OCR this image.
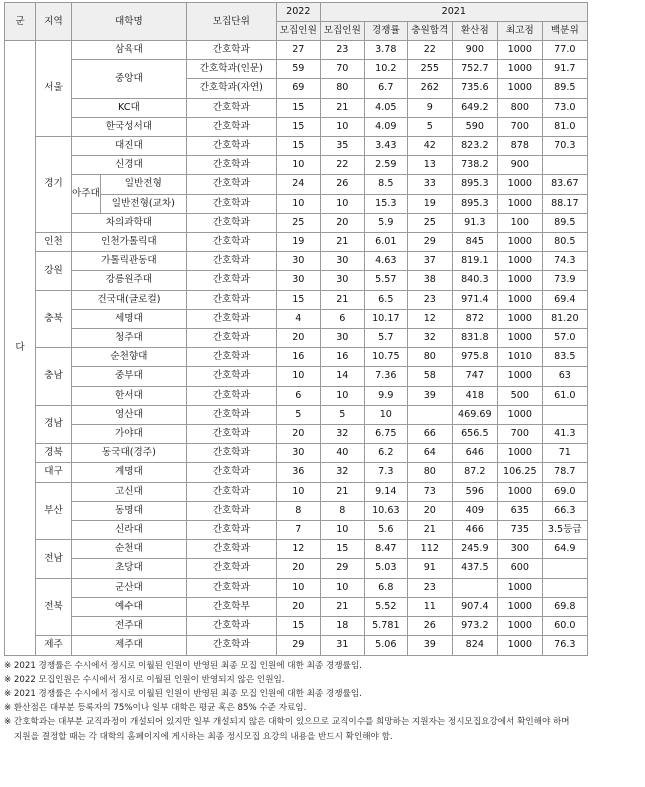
군	지역	대학명		모집단위	2022	2021					
					모집인원	모집인원	경쟁률	충원합격	환산점	최고점	백분위
다	서울	삼육대		간호학과	27	23	3.78	22	900	1000	77.0
		중앙대		간호학과(인문)	59	70	10.2	255	752.7	1000	91.7
				간호학과(자연)	69	80	6.7	262	735.6	1000	89.5
		KC대		간호학과	15	21	4.05	9	649.2	800	73.0
		한국성서대		간호학과	15	10	4.09	5	590	700	81.0
	경기	대진대		간호학과	15	35	3.43	42	823.2	878	70.3
		신경대		간호학과	10	22	2.59	13	738.2	900	
		아주대	일반전형	간호학과	24	26	8.5	33	895.3	1000	83.67
			일반전형(교차)	간호학과	10	10	15.3	19	895.3	1000	88.17
		차의과학대		간호학과	25	20	5.9	25	91.3	100	89.5
	인천	인천가톨릭대		간호학과	19	21	6.01	29	845	1000	80.5
	강원	가톨릭관동대		간호학과	30	30	4.63	37	819.1	1000	74.3
		강릉원주대		간호학과	30	30	5.57	38	840.3	1000	73.9
	충북	건국대(글로컬)		간호학과	15	21	6.5	23	971.4	1000	69.4
		세명대		간호학과	4	6	10.17	12	872	1000	81.20
		청주대		간호학과	20	30	5.7	32	831.8	1000	57.0
	충남	순천향대		간호학과	16	16	10.75	80	975.8	1010	83.5
		중부대		간호학과	10	14	7.36	58	747	1000	63
		한서대		간호학과	6	10	9.9	39	418	500	61.0
	경남	영산대		간호학과	5	5	10		469.69	1000	
		가야대		간호학과	20	32	6.75	66	656.5	700	41.3
	경북	동국대(경주)		간호학과	30	40	6.2	64	646	1000	71
	대구	계명대		간호학과	36	32	7.3	80	87.2	106.25	78.7
	부산	고신대		간호학과	10	21	9.14	73	596	1000	69.0
		동명대		간호학과	8	8	10.63	20	409	635	66.3
		신라대		간호학과	7	10	5.6	21	466	735	3.5등급
	전남	순천대		간호학과	12	15	8.47	112	245.9	300	64.9
		초당대		간호학과	20	29	5.03	91	437.5	600	
	전북	군산대		간호학과	10	10	6.8	23		1000	
		예수대		간호학부	20	21	5.52	11	907.4	1000	69.8
		전주대		간호학과	15	18	5.781	26	973.2	1000	60.0
	제주	제주대		간호학과	29	31	5.06	39	824	1000	76.3
※ 2021 경쟁률은 수시에서 정시로 이월된 인원이 반영된 최종 모집 인원에 대한 최종 경쟁률임.
※ 2022 모집인원은 수시에서 정시로 이월된 인원이 반영되지 않은 인원임.
※ 2021 경쟁률은 수시에서 정시로 이월된 인원이 반영된 최종 모집 인원에 대한 최종 경쟁률임.
※ 환산점은 대부분 등록자의 75%이나 일부 대학은 평균 혹은 85% 수준 자료임.
※ 간호학과는 대부분 교직과정이 개설되어 있지만 일부 개설되지 않은 대학이 있으므로 교직이수를 희망하는 지원자는 정시모집요강에서 확인해야 하며
지원을 결정할 때는 각 대학의 홈페이지에 게시하는 최종 정시모집 요강의 내용을 반드시 확인해야 함.
